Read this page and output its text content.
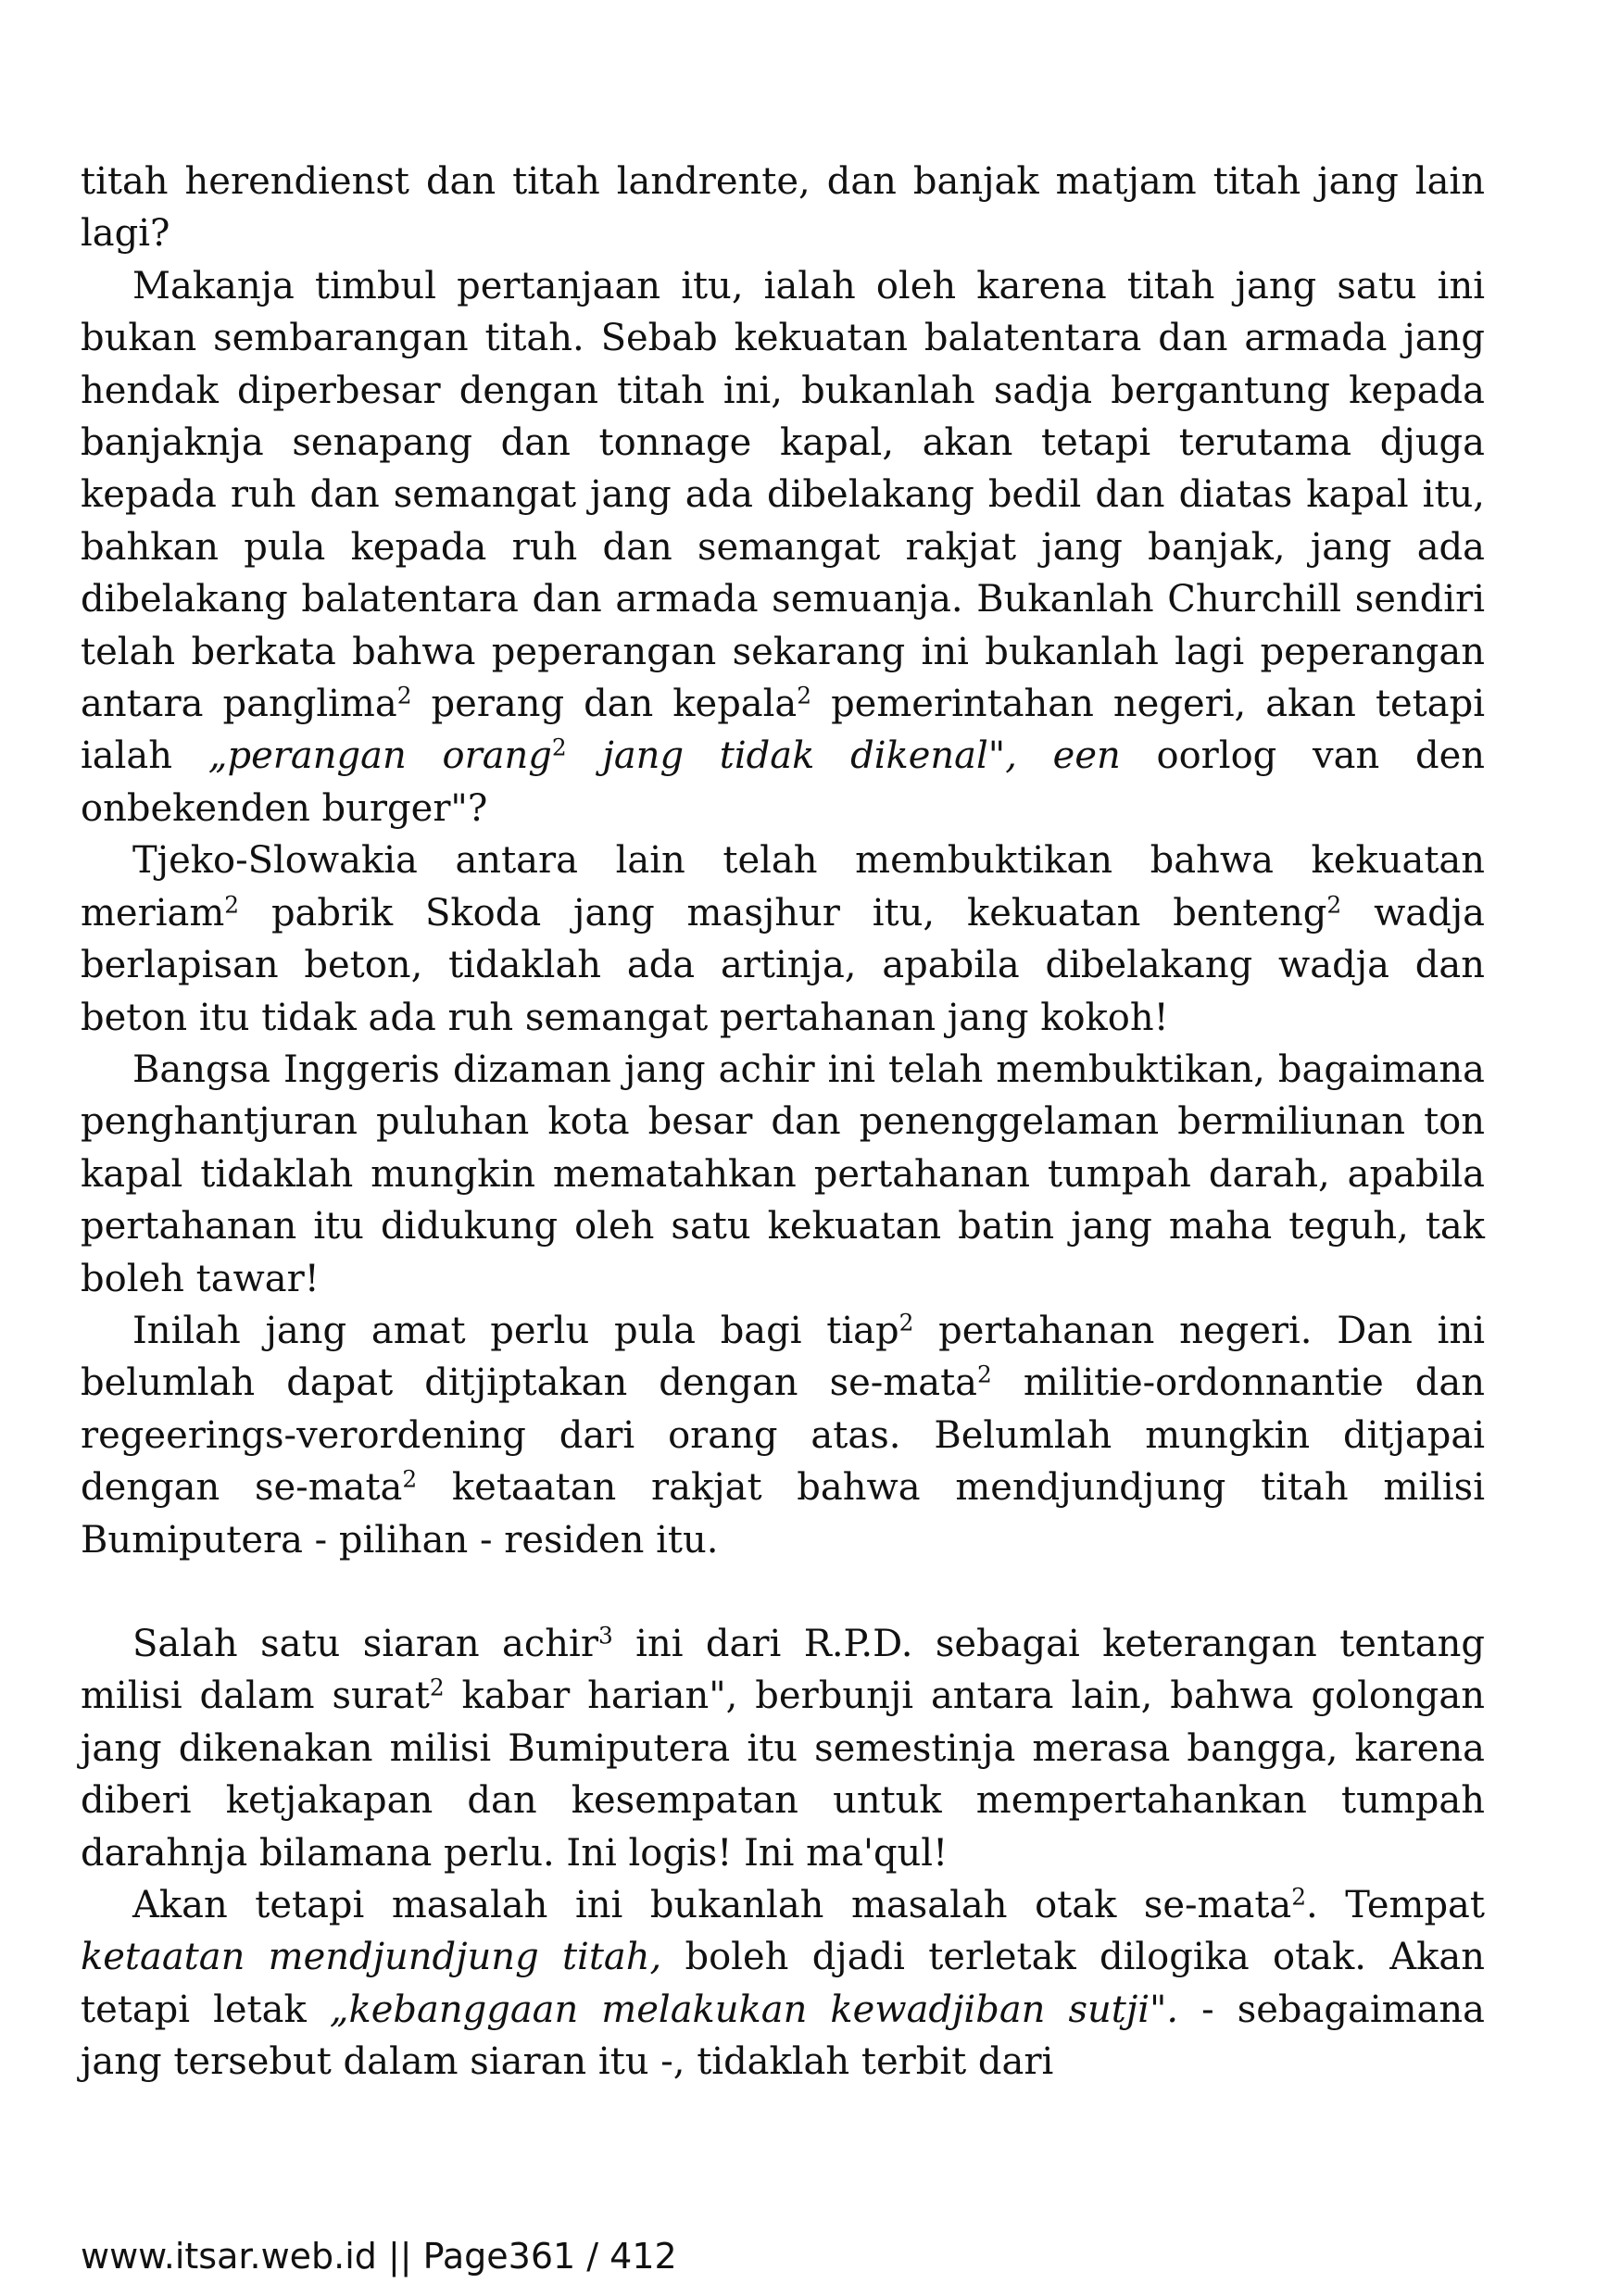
titah herendienst dan titah landrente, dan banjak matjam titah jang lain lagi?

Makanja timbul pertanjaan itu, ialah oleh karena titah jang satu ini bukan sembarangan titah. Sebab kekuatan balatentara dan armada jang hendak diperbesar dengan titah ini, bukanlah sadja bergantung kepada banjaknja senapang dan tonnage kapal, akan tetapi terutama djuga kepada ruh dan semangat jang ada dibelakang bedil dan diatas kapal itu, bahkan pula kepada ruh dan semangat rakjat jang banjak, jang ada dibelakang balatentara dan armada semuanja. Bukanlah Churchill sendiri telah berkata bahwa peperangan sekarang ini bukanlah lagi peperangan antara panglima$^2$ perang dan kepala$^2$ pemerintahan negeri, akan tetapi ialah „perangan orang$^2$ jang tidak dikenal", een oorlog van den onbekenden burger"?

Tjeko-Slowakia antara lain telah membuktikan bahwa kekuatan meriam$^2$ pabrik Skoda jang masjhur itu, kekuatan benteng$^2$ wadja berlapisan beton, tidaklah ada artinja, apabila dibelakang wadja dan beton itu tidak ada ruh semangat pertahanan jang kokoh!

Bangsa Inggeris dizaman jang achir ini telah membuktikan, bagaimana penghantjuran puluhan kota besar dan penenggelaman bermiliunan ton kapal tidaklah mungkin mematahkan pertahanan tumpah darah, apabila pertahanan itu didukung oleh satu kekuatan batin jang maha teguh, tak boleh tawar!

Inilah jang amat perlu pula bagi tiap$^2$ pertahanan negeri. Dan ini belumlah dapat ditjiptakan dengan se-mata$^2$ militie-ordonnantie dan regeerings-verordening dari orang atas. Belumlah mungkin ditjapai dengan se-mata$^2$ ketaatan rakjat bahwa mendjundjung titah milisi Bumiputera - pilihan - residen itu.

Salah satu siaran achir$^3$ ini dari R.P.D. sebagai keterangan tentang milisi dalam surat$^2$ kabar harian", berbunji antara lain, bahwa golongan jang dikenakan milisi Bumiputera itu semestinja merasa bangga, karena diberi ketjakapan dan kesempatan untuk mempertahankan tumpah darahnja bilamana perlu. Ini logis! Ini ma'qul!

Akan tetapi masalah ini bukanlah masalah otak se-mata$^2$. Tempat ketaatan mendjundjung titah, boleh djadi terletak dilogika otak. Akan tetapi letak „kebanggaan melakukan kewadjiban sutji". - sebagaimana jang tersebut dalam siaran itu -, tidaklah terbit dari

www.itsar.web.id || Page361 / 412
